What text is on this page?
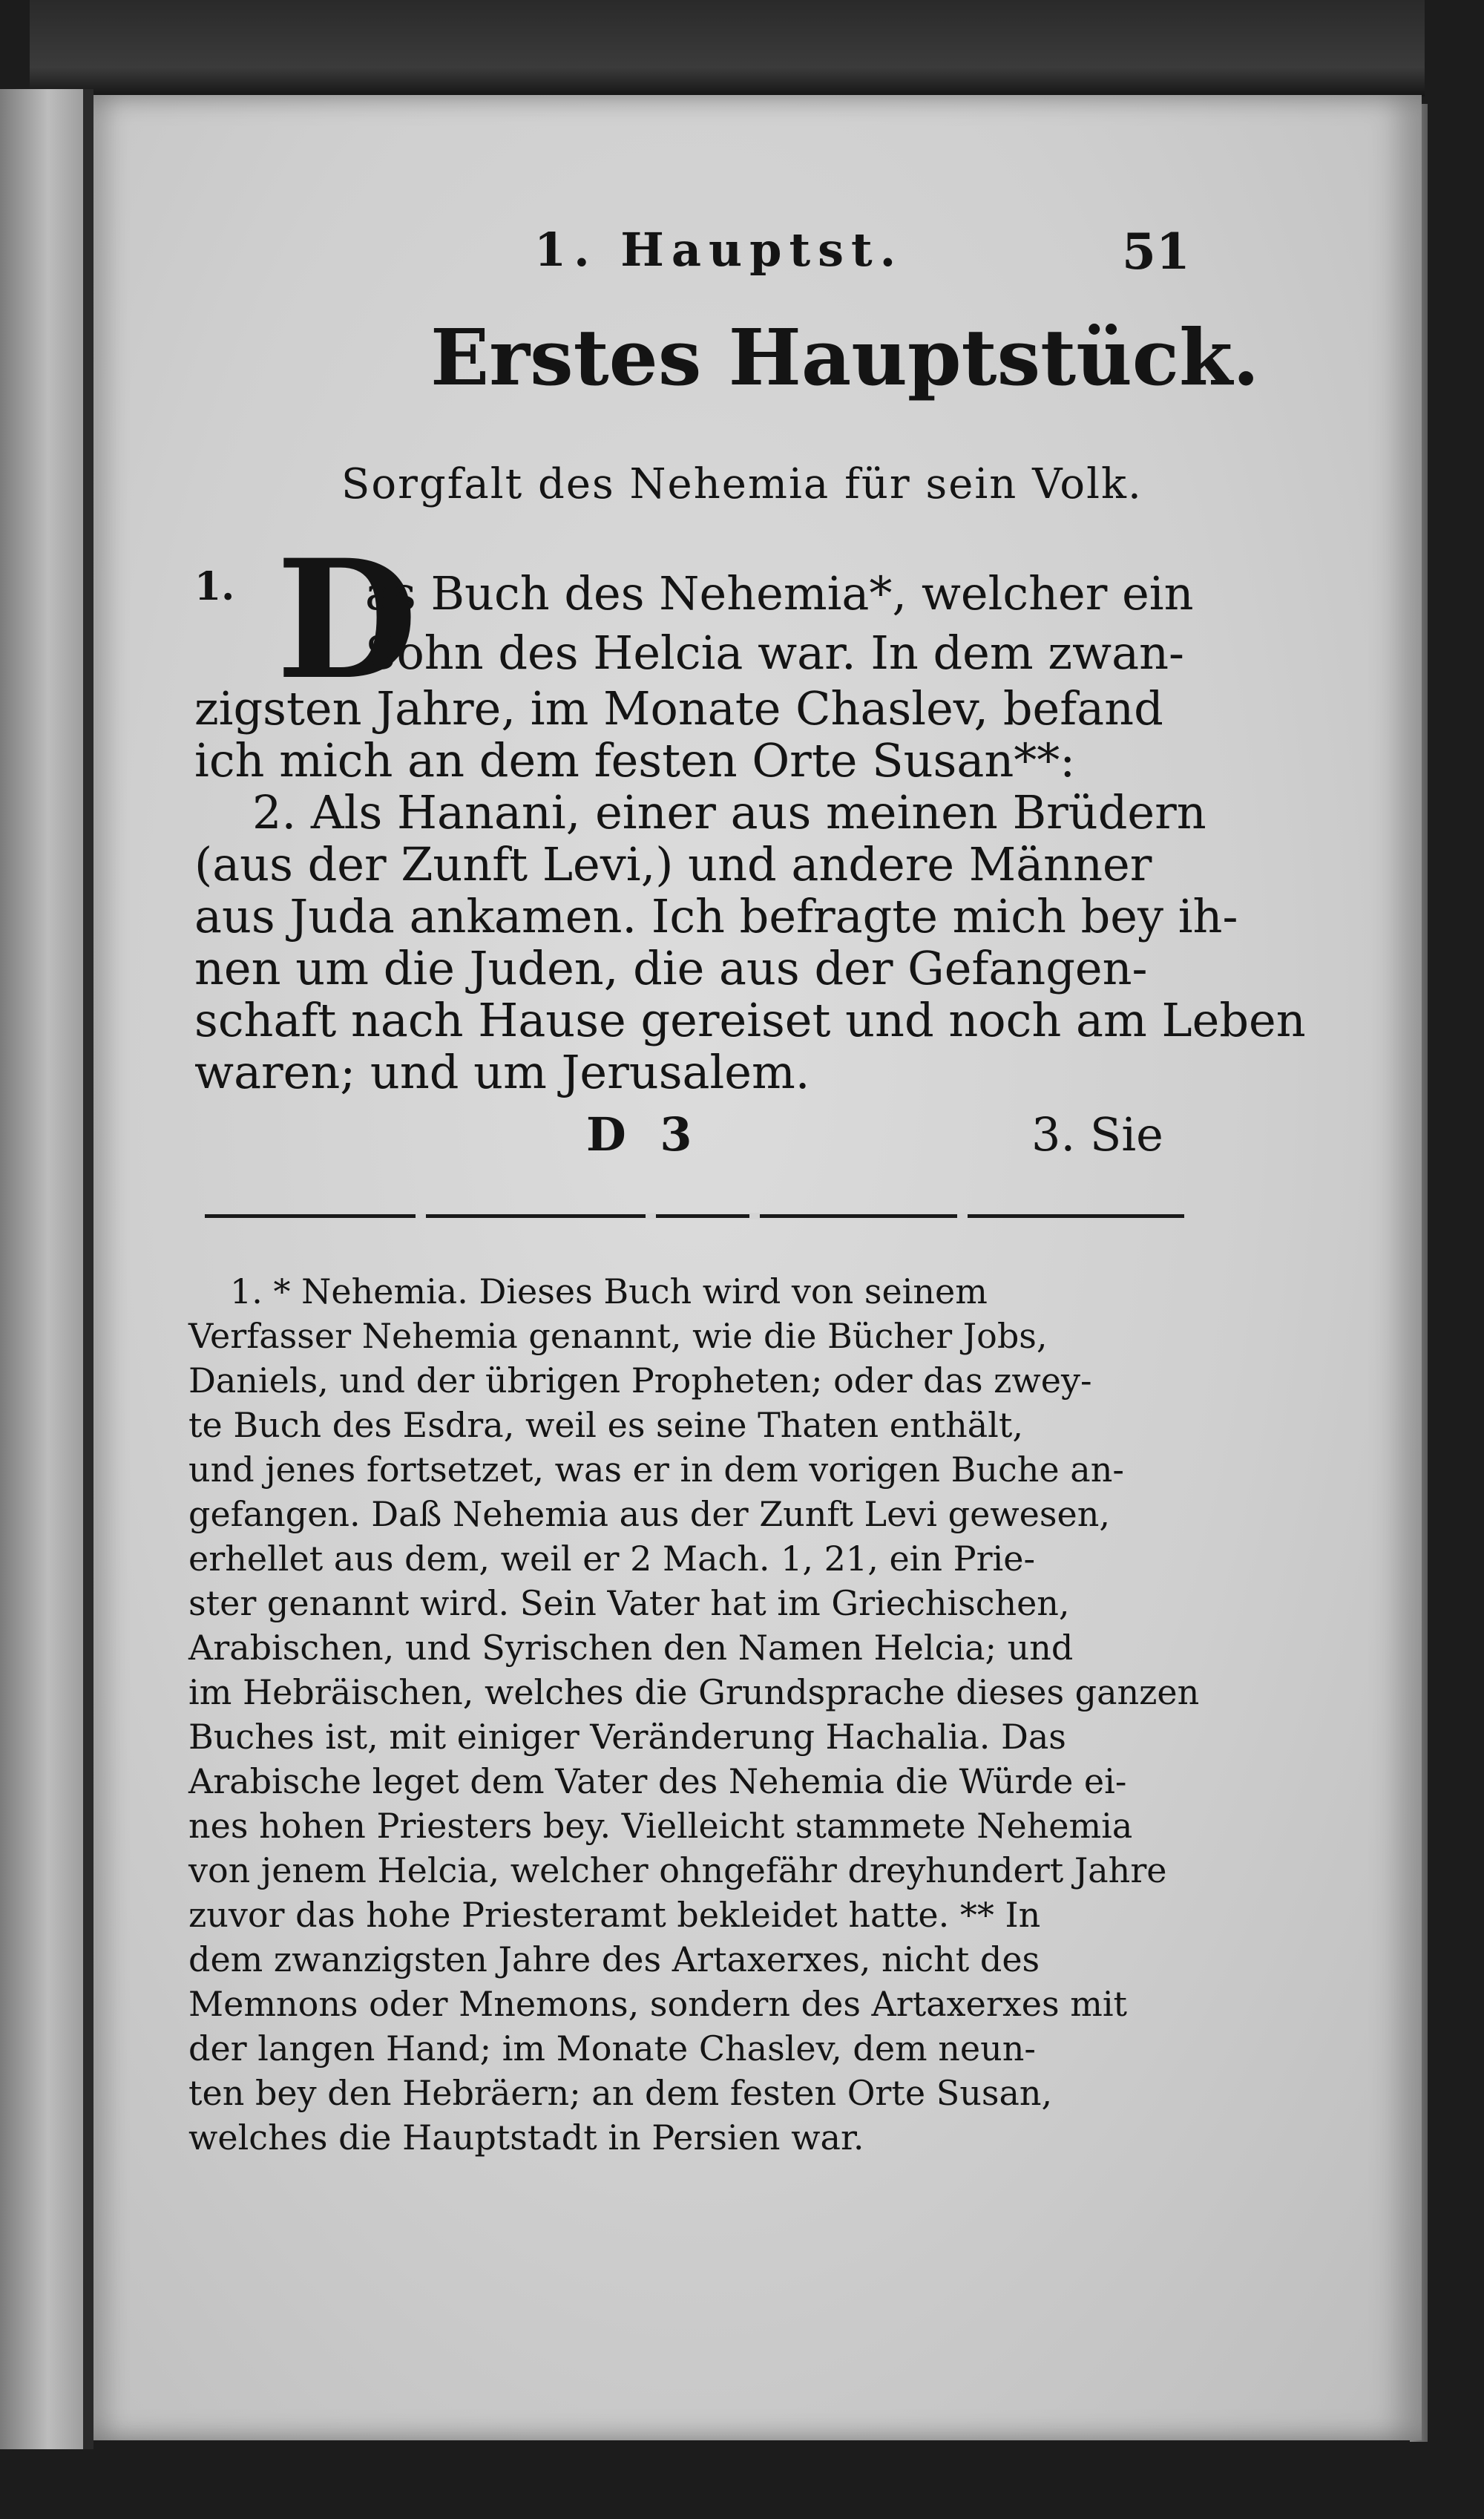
1. Hauptst.	51
Erstes Hauptstück.
Sorgfalt des Nehemia für sein Volk.
1. D
as Buch des Nehemia*, welcher ein
Sohn des Helcia war. In dem zwan-
zigsten Jahre, im Monate Chaslev, befand
ich mich an dem festen Orte Susan**:
2. Als Hanani, einer aus meinen Brüdern
(aus der Zunft Levi,) und andere Männer
aus Juda ankamen. Ich befragte mich bey ih-
nen um die Juden, die aus der Gefangen-
schaft nach Hause gereiset und noch am Leben
waren; und um Jerusalem.
D 3	3. Sie
1. * Nehemia. Dieses Buch wird von seinem
Verfasser Nehemia genannt, wie die Bücher Jobs,
Daniels, und der übrigen Propheten; oder das zwey-
te Buch des Esdra, weil es seine Thaten enthält,
und jenes fortsetzet, was er in dem vorigen Buche an-
gefangen. Daß Nehemia aus der Zunft Levi gewesen,
erhellet aus dem, weil er 2 Mach. 1, 21, ein Prie-
ster genannt wird. Sein Vater hat im Griechischen,
Arabischen, und Syrischen den Namen Helcia; und
im Hebräischen, welches die Grundsprache dieses ganzen
Buches ist, mit einiger Veränderung Hachalia. Das
Arabische leget dem Vater des Nehemia die Würde ei-
nes hohen Priesters bey. Vielleicht stammete Nehemia
von jenem Helcia, welcher ohngefähr dreyhundert Jahre
zuvor das hohe Priesteramt bekleidet hatte. ** In
dem zwanzigsten Jahre des Artaxerxes, nicht des
Memnons oder Mnemons, sondern des Artaxerxes mit
der langen Hand; im Monate Chaslev, dem neun-
ten bey den Hebräern; an dem festen Orte Susan,
welches die Hauptstadt in Persien war.
